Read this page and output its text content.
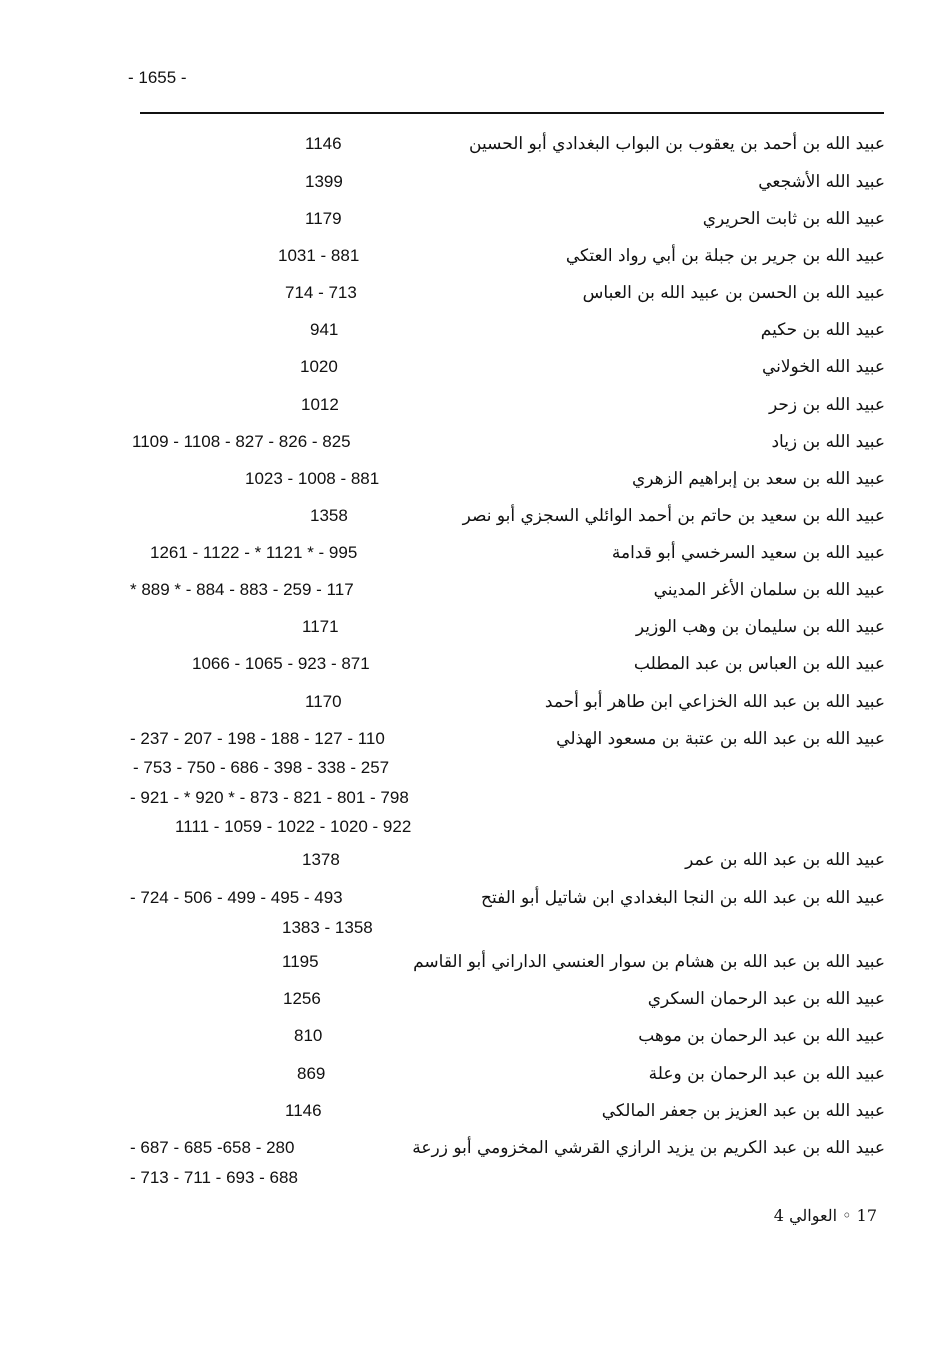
- 1655 -
عبيد الله بن أحمد بن يعقوب بن البواب البغدادي أبو الحسين
1146
عبيد الله الأشجعي
1399
عبيد الله بن ثابت الحريري
1179
عبيد الله بن جرير بن جبلة بن أبي رواد العتكي
1031 - 881
عبيد الله بن الحسن بن عبيد الله بن العباس
714 - 713
عبيد الله بن حكيم
941
عبيد الله الخولاني
1020
عبيد الله بن زحر
1012
عبيد الله بن زياد
1109 - 1108 - 827 - 826 - 825
عبيد الله بن سعد بن إبراهيم الزهري
1023 - 1008 - 881
عبيد الله بن سعيد بن حاتم بن أحمد الوائلي السجزي أبو نصر
1358
عبيد الله بن سعيد السرخسي أبو قدامة
1261 - 1122 - * 1121 * - 995
عبيد الله بن سلمان الأغر المديني
* 889 * - 884 - 883 - 259 - 117
عبيد الله بن سليمان بن وهب الوزير
1171
عبيد الله بن العباس بن عبد المطلب
1066 - 1065 - 923 - 871
عبيد الله بن عبد الله الخزاعي ابن طاهر أبو أحمد
1170
عبيد الله بن عبد الله بن عتبة بن مسعود الهذلي
- 237 - 207 - 198 - 188 - 127 - 110
- 753 - 750 - 686 - 398 - 338 - 257
- 921 - * 920 * - 873 - 821 - 801 - 798
1111 - 1059 - 1022 - 1020 - 922
عبيد الله بن عبد الله بن عمر
1378
عبيد الله بن عبد الله بن النجا البغدادي ابن شاتيل أبو الفتح
- 724 - 506 - 499 - 495 - 493
1383 - 1358
عبيد الله بن عبد الله بن هشام بن سوار العنسي الداراني أبو القاسم
1195
عبيد الله بن عبد الرحمان السكري
1256
عبيد الله بن عبد الرحمان بن موهب
810
عبيد الله بن عبد الرحمان بن وعلة
869
عبيد الله بن عبد العزيز بن جعفر المالكي
1146
عبيد الله بن عبد الكريم بن يزيد الرازي القرشي المخزومي أبو زرعة
- 687 - 685 -658 - 280
- 713 - 711 - 693 - 688
17 ◦ العوالي 4
